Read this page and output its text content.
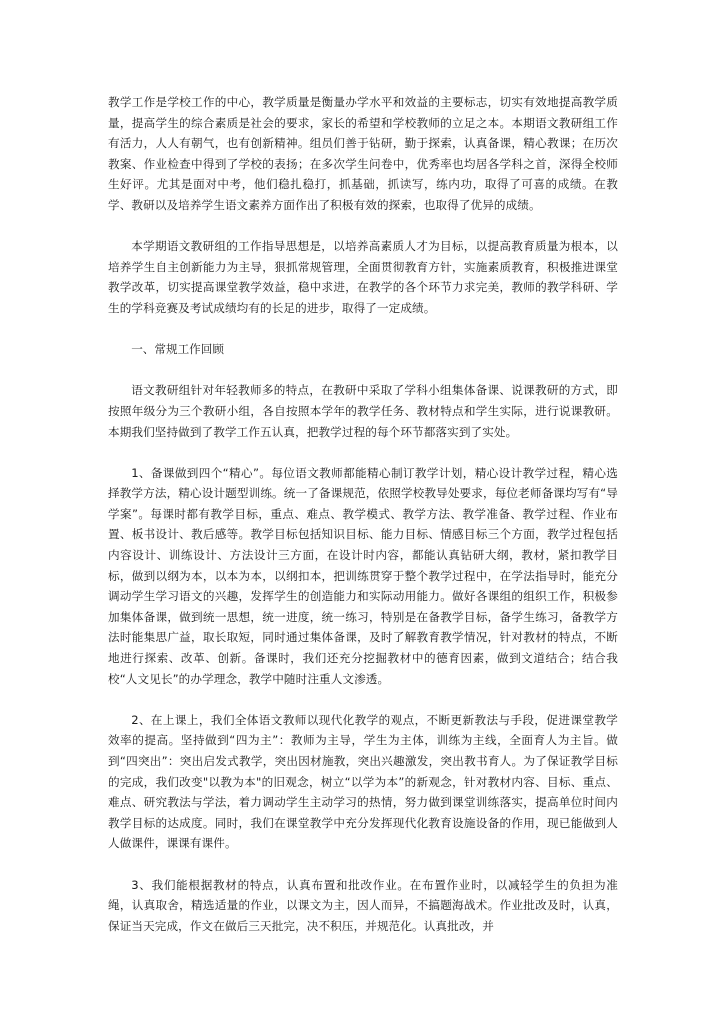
教学工作是学校工作的中心，教学质量是衡量办学水平和效益的主要标志，切实有效地提高教学质量，提高学生的综合素质是社会的要求，家长的希望和学校教师的立足之本。本期语文教研组工作有活力，人人有朝气，也有创新精神。组员们善于钻研，勤于探索，认真备课，精心教课；在历次教案、作业检查中得到了学校的表扬；在多次学生问卷中，优秀率也均居各学科之首，深得全校师生好评。尤其是面对中考，他们稳扎稳打，抓基础，抓读写，练内功，取得了可喜的成绩。在教学、教研以及培养学生语文素养方面作出了积极有效的探索，也取得了优异的成绩。

本学期语文教研组的工作指导思想是，以培养高素质人才为目标，以提高教育质量为根本，以培养学生自主创新能力为主导，狠抓常规管理，全面贯彻教育方针，实施素质教育，积极推进课堂教学改革，切实提高课堂教学效益，稳中求进，在教学的各个环节力求完美，教师的教学科研、学生的学科竞赛及考试成绩均有的长足的进步，取得了一定成绩。

一、常规工作回顾

语文教研组针对年轻教师多的特点，在教研中采取了学科小组集体备课、说课教研的方式，即按照年级分为三个教研小组，各自按照本学年的教学任务、教材特点和学生实际，进行说课教研。本期我们坚持做到了教学工作五认真，把教学过程的每个环节都落实到了实处。

1、备课做到四个“精心”。每位语文教师都能精心制订教学计划，精心设计教学过程，精心选择教学方法，精心设计题型训练。统一了备课规范，依照学校教导处要求，每位老师备课均写有“导学案”。每课时都有教学目标，重点、难点、教学模式、教学方法、教学准备、教学过程、作业布置、板书设计、教后感等。教学目标包括知识目标、能力目标、情感目标三个方面，教学过程包括内容设计、训练设计、方法设计三方面，在设计时内容，都能认真钻研大纲，教材，紧扣教学目标，做到以纲为本，以本为本，以纲扣本，把训练贯穿于整个教学过程中，在学法指导时，能充分调动学生学习语文的兴趣，发挥学生的创造能力和实际动用能力。做好各课组的组织工作，积极参加集体备课，做到统一思想，统一进度，统一练习，特别是在备教学目标，备学生练习，备教学方法时能集思广益，取长取短，同时通过集体备课，及时了解教育教学情况，针对教材的特点，不断地进行探索、改革、创新。备课时，我们还充分挖掘教材中的德育因素，做到文道结合；结合我校“人文见长”的办学理念，教学中随时注重人文渗透。

2、在上课上，我们全体语文教师以现代化教学的观点，不断更新教法与手段，促进课堂教学效率的提高。坚持做到“四为主”：教师为主导，学生为主体，训练为主线，全面育人为主旨。做到“四突出”：突出启发式教学，突出因材施教，突出兴趣激发，突出教书育人。为了保证教学目标的完成，我们改变"以教为本"的旧观念，树立“以学为本”的新观念，针对教材内容、目标、重点、难点、研究教法与学法，着力调动学生主动学习的热情，努力做到课堂训练落实，提高单位时间内教学目标的达成度。同时，我们在课堂教学中充分发挥现代化教育设施设备的作用，现已能做到人人做课件，课课有课件。

3、我们能根据教材的特点，认真布置和批改作业。在布置作业时，以减轻学生的负担为准绳，认真取舍，精选适量的作业，以课文为主，因人而异，不搞题海战术。作业批改及时，认真，保证当天完成，作文在做后三天批完，决不积压，并规范化。认真批改，并
